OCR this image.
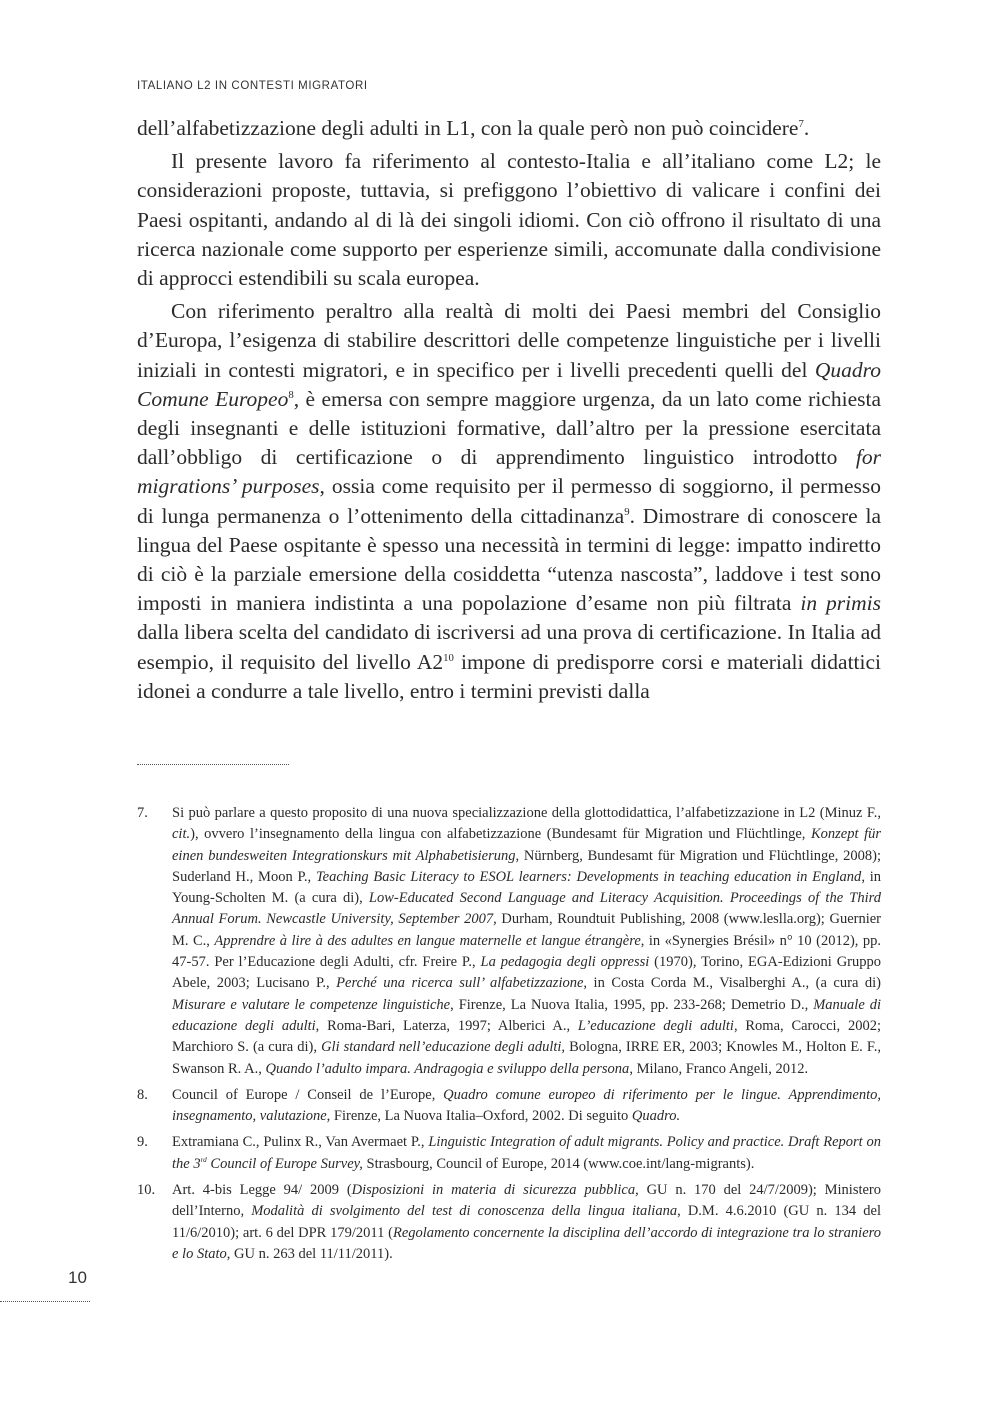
ITALIANO L2 IN CONTESTI MIGRATORI

dell’alfabetizzazione degli adulti in L1, con la quale però non può coincidere$^7$.

Il presente lavoro fa riferimento al contesto-Italia e all’italiano come L2; le considerazioni proposte, tuttavia, si prefiggono l’obiettivo di valicare i confini dei Paesi ospitanti, andando al di là dei singoli idiomi. Con ciò offrono il risultato di una ricerca nazionale come supporto per esperienze simili, accomunate dalla condivisione di approcci estendibili su scala europea.

Con riferimento peraltro alla realtà di molti dei Paesi membri del Consiglio d’Europa, l’esigenza di stabilire descrittori delle competenze linguistiche per i livelli iniziali in contesti migratori, e in specifico per i livelli precedenti quelli del Quadro Comune Europeo$^8$, è emersa con sempre maggiore urgenza, da un lato come richiesta degli insegnanti e delle istituzioni formative, dall’altro per la pressione esercitata dall’obbligo di certificazione o di apprendimento linguistico introdotto for migrations’ purposes, ossia come requisito per il permesso di soggiorno, il permesso di lunga permanenza o l’ottenimento della cittadinanza$^9$. Dimostrare di conoscere la lingua del Paese ospitante è spesso una necessità in termini di legge: impatto indiretto di ciò è la parziale emersione della cosiddetta “utenza nascosta”, laddove i test sono imposti in maniera indistinta a una popolazione d’esame non più filtrata in primis dalla libera scelta del candidato di iscriversi ad una prova di certificazione. In Italia ad esempio, il requisito del livello $A2^{10}$ impone di predisporre corsi e materiali didattici idonei a condurre a tale livello, entro i termini previsti dalla

7.	Si può parlare a questo proposito di una nuova specializzazione della glottodidattica, l’alfabetizzazione in L2 (Minuz F., cit.), ovvero l’insegnamento della lingua con alfabetizzazione (Bundesamt für Migration und Flüchtlinge, Konzept für einen bundesweiten Integrationskurs mit Alphabetisierung, Nürnberg, Bundesamt für Migration und Flüchtlinge, 2008); Suderland H., Moon P., Teaching Basic Literacy to ESOL learners: Developments in teaching education in England, in Young-Scholten M. (a cura di), Low-Educated Second Language and Literacy Acquisition. Proceedings of the Third Annual Forum. Newcastle University, September 2007, Durham, Roundtuit Publishing, 2008 (www.leslla.org); Guernier M. C., Apprendre à lire à des adultes en langue maternelle et langue étrangère, in «Synergies Brésil» n° 10 (2012), pp. 47-57. Per l’Educazione degli Adulti, cfr. Freire P., La pedagogia degli oppressi (1970), Torino, EGA-Edizioni Gruppo Abele, 2003; Lucisano P., Perché una ricerca sull’ alfabetizzazione, in Costa Corda M., Visalberghi A., (a cura di) Misurare e valutare le competenze linguistiche, Firenze, La Nuova Italia, 1995, pp. 233-268; Demetrio D., Manuale di educazione degli adulti, Roma-Bari, Laterza, 1997; Alberici A., L’educazione degli adulti, Roma, Carocci, 2002; Marchioro S. (a cura di), Gli standard nell’educazione degli adulti, Bologna, IRRE ER, 2003; Knowles M., Holton E. F., Swanson R. A., Quando l’adulto impara. Andragogia e sviluppo della persona, Milano, Franco Angeli, 2012.
8.	Council of Europe / Conseil de l’Europe, Quadro comune europeo di riferimento per le lingue. Apprendimento, insegnamento, valutazione, Firenze, La Nuova Italia–Oxford, 2002. Di seguito Quadro.
9.	Extramiana C., Pulinx R., Van Avermaet P., Linguistic Integration of adult migrants. Policy and practice. Draft Report on the 3rd Council of Europe Survey, Strasbourg, Council of Europe, 2014 (www.coe.int/lang-migrants).
10.	Art. 4-bis Legge 94/ 2009 (Disposizioni in materia di sicurezza pubblica, GU n. 170 del 24/7/2009); Ministero dell’Interno, Modalità di svolgimento del test di conoscenza della lingua italiana, D.M. 4.6.2010 (GU n. 134 del 11/6/2010); art. 6 del DPR 179/2011 (Regolamento concernente la disciplina dell’accordo di integrazione tra lo straniero e lo Stato, GU n. 263 del 11/11/2011).

10
